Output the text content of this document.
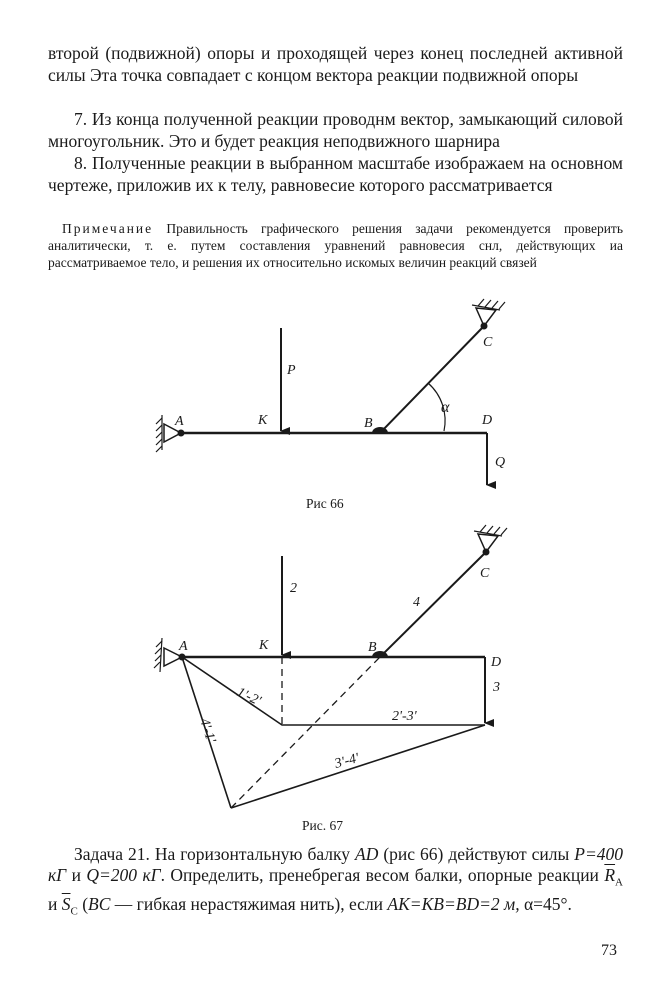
второй (подвижной) опоры и проходящей через конец последней активной силы Эта точка совпадает с концом вектора реакции подвижной опоры

7. Из конца полученной реакции проводнм вектор, замыкающий силовой многоугольник. Это и будет реакция неподвижного шарнира

8. Полученные реакции в выбранном масштабе изображаем на основном чертеже, приложив их к телу, равновесие которого рассматривается

Примечание Правильность графического решения задачи рекомендуется проверить аналитически, т. е. путем составления уравнений равновесия снл, действующих иа рассматриваемое тело, и решения их относительно искомых величин реакций связей

A	K	B	D
C
P
Q
α

Рис 66

A	K	B
D
C
2
3
4
1'-2'
2'-3'
3'-4'
4'-1'

Рис. 67

Задача 21. На горизонтальную балку AD (рис 66) действуют силы P=400 кГ и Q=200 кГ. Определить, пренебрегая весом балки, опорные реакции $\overline{R}_A$ и $\overline{S}_C$ (BC — гибкая нерастяжимая нить), если AK=KB=BD=2 м, α=45°.

73
